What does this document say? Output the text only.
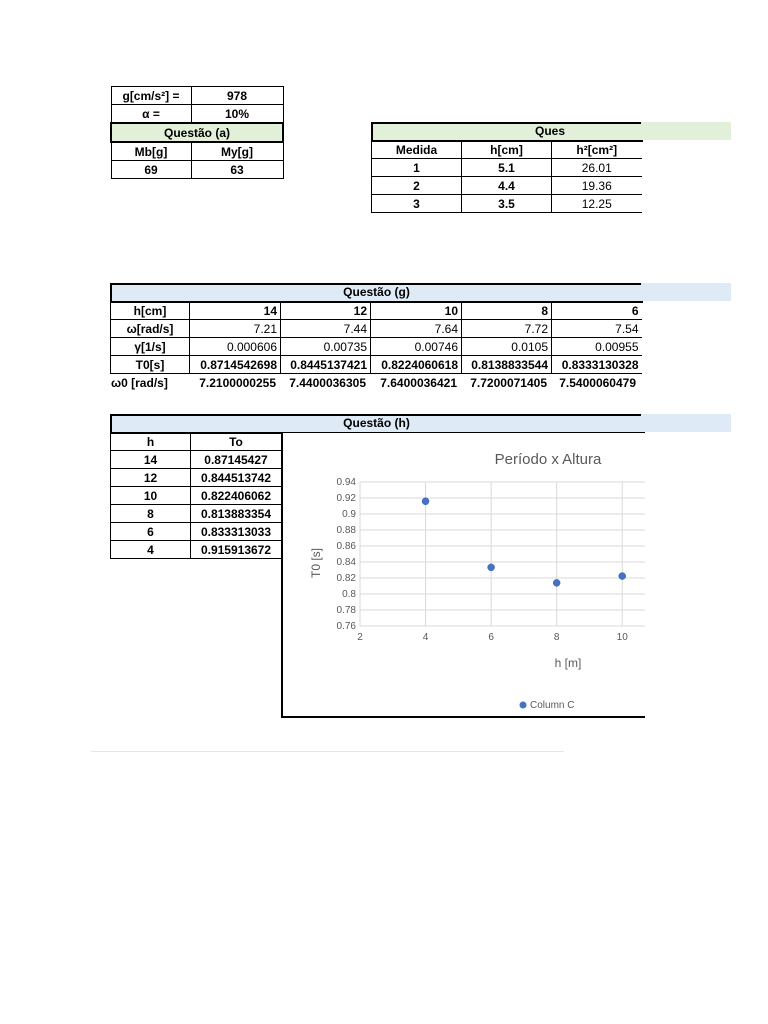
g[cm/s²] =	978
α =	10%
Questão (a)	
Mb[g]	My[g]
69	63
Ques
Medida	h[cm]	h²[cm²]
1	5.1	26.01
2	4.4	19.36
3	3.5	12.25
Questão (g)
h[cm]	14	12	10	8	6
ω[rad/s]	7.21	7.44	7.64	7.72	7.54
γ[1/s]	0.000606	0.00735	0.00746	0.0105	0.00955
T0[s]	0.8714542698	0.8445137421	0.8224060618	0.8138833544	0.8333130328
ω0 [rad/s]	7.2100000255	7.4400036305	7.6400036421	7.7200071405	7.5400060479
Questão (h)
h	To
14	0.87145427
12	0.844513742
10	0.822406062
8	0.813883354
6	0.833313033
4	0.915913672
Período x Altura
0.76
0.78
0.8
0.82
0.84
0.86
0.88
0.9
0.92
0.94
2	4	6	8	10
h [m]
T0 [s]
Column C
